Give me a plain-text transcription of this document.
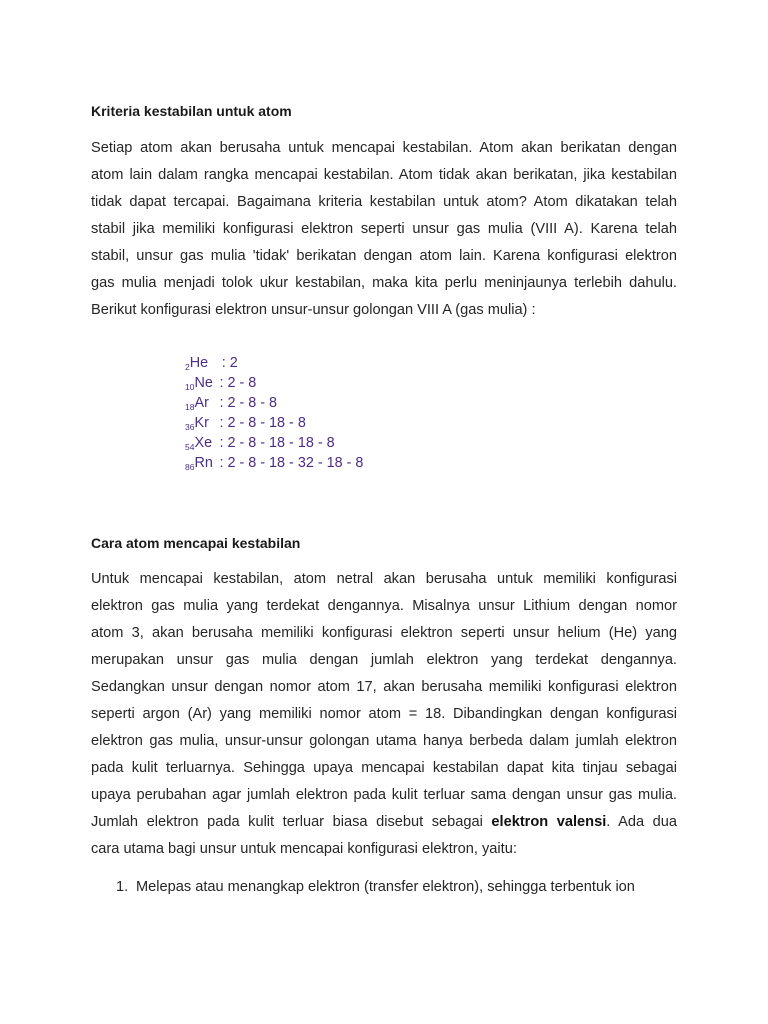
Kriteria kestabilan untuk atom
Setiap atom akan berusaha untuk mencapai kestabilan. Atom akan berikatan dengan
atom lain dalam rangka mencapai kestabilan. Atom tidak akan berikatan, jika kestabilan
tidak dapat tercapai. Bagaimana kriteria kestabilan untuk atom? Atom dikatakan telah
stabil jika memiliki konfigurasi elektron seperti unsur gas mulia (VIII A). Karena telah
stabil, unsur gas mulia 'tidak' berikatan dengan atom lain. Karena konfigurasi elektron
gas mulia menjadi tolok ukur kestabilan, maka kita perlu meninjaunya terlebih dahulu.
Berikut konfigurasi elektron unsur-unsur golongan VIII A (gas mulia) :
2 He : 2
10 Ne : 2 - 8
18 Ar : 2 - 8 - 8
36 Kr : 2 - 8 - 18 - 8
54 Xe : 2 - 8 - 18 - 18 - 8
86 Rn : 2 - 8 - 18 - 32 - 18 - 8
Cara atom mencapai kestabilan
Untuk mencapai kestabilan, atom netral akan berusaha untuk memiliki konfigurasi
elektron gas mulia yang terdekat dengannya. Misalnya unsur Lithium dengan nomor
atom 3, akan berusaha memiliki konfigurasi elektron seperti unsur helium (He) yang
merupakan unsur gas mulia dengan jumlah elektron yang terdekat dengannya.
Sedangkan unsur dengan nomor atom 17, akan berusaha memiliki konfigurasi elektron
seperti argon (Ar) yang memiliki nomor atom = 18. Dibandingkan dengan konfigurasi
elektron gas mulia, unsur-unsur golongan utama hanya berbeda dalam jumlah elektron
pada kulit terluarnya. Sehingga upaya mencapai kestabilan dapat kita tinjau sebagai
upaya perubahan agar jumlah elektron pada kulit terluar sama dengan unsur gas mulia.
Jumlah elektron pada kulit terluar biasa disebut sebagai elektron valensi. Ada dua
cara utama bagi unsur untuk mencapai konfigurasi elektron, yaitu:
1. Melepas atau menangkap elektron (transfer elektron), sehingga terbentuk ion
